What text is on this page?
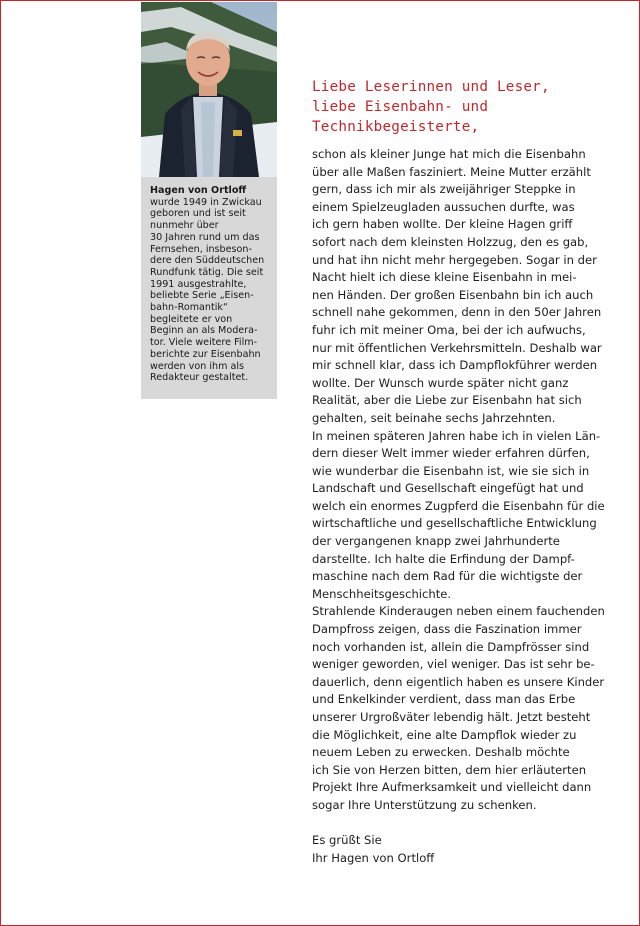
Hagen von Ortloff
wurde 1949 in Zwickau
geboren und ist seit
nunmehr über
30 Jahren rund um das
Fernsehen, insbeson-
dere den Süddeutschen
Rundfunk tätig. Die seit
1991 ausgestrahlte,
beliebte Serie „Eisen-
bahn-Romantik“
begleitete er von
Beginn an als Modera-
tor. Viele weitere Film-
berichte zur Eisenbahn
werden von ihm als
Redakteur gestaltet.
Liebe Leserinnen und Leser,
liebe Eisenbahn- und
Technikbegeisterte,
schon als kleiner Junge hat mich die Eisenbahn
über alle Maßen fasziniert. Meine Mutter erzählt
gern, dass ich mir als zweijähriger Steppke in
einem Spielzeugladen aussuchen durfte, was
ich gern haben wollte. Der kleine Hagen griff
sofort nach dem kleinsten Holzzug, den es gab,
und hat ihn nicht mehr hergegeben. Sogar in der
Nacht hielt ich diese kleine Eisenbahn in mei-
nen Händen. Der großen Eisenbahn bin ich auch
schnell nahe gekommen, denn in den 50er Jahren
fuhr ich mit meiner Oma, bei der ich aufwuchs,
nur mit öffentlichen Verkehrsmitteln. Deshalb war
mir schnell klar, dass ich Dampflokführer werden
wollte. Der Wunsch wurde später nicht ganz
Realität, aber die Liebe zur Eisenbahn hat sich
gehalten, seit beinahe sechs Jahrzehnten.
In meinen späteren Jahren habe ich in vielen Län-
dern dieser Welt immer wieder erfahren dürfen,
wie wunderbar die Eisenbahn ist, wie sie sich in
Landschaft und Gesellschaft eingefügt hat und
welch ein enormes Zugpferd die Eisenbahn für die
wirtschaftliche und gesellschaftliche Entwicklung
der vergangenen knapp zwei Jahrhunderte
darstellte. Ich halte die Erfindung der Dampf-
maschine nach dem Rad für die wichtigste der
Menschheitsgeschichte.
Strahlende Kinderaugen neben einem fauchenden
Dampfross zeigen, dass die Faszination immer
noch vorhanden ist, allein die Dampfrösser sind
weniger geworden, viel weniger. Das ist sehr be-
dauerlich, denn eigentlich haben es unsere Kinder
und Enkelkinder verdient, dass man das Erbe
unserer Urgroßväter lebendig hält. Jetzt besteht
die Möglichkeit, eine alte Dampflok wieder zu
neuem Leben zu erwecken. Deshalb möchte
ich Sie von Herzen bitten, dem hier erläuterten
Projekt Ihre Aufmerksamkeit und vielleicht dann
sogar Ihre Unterstützung zu schenken.
Es grüßt Sie
Ihr Hagen von Ortloff
